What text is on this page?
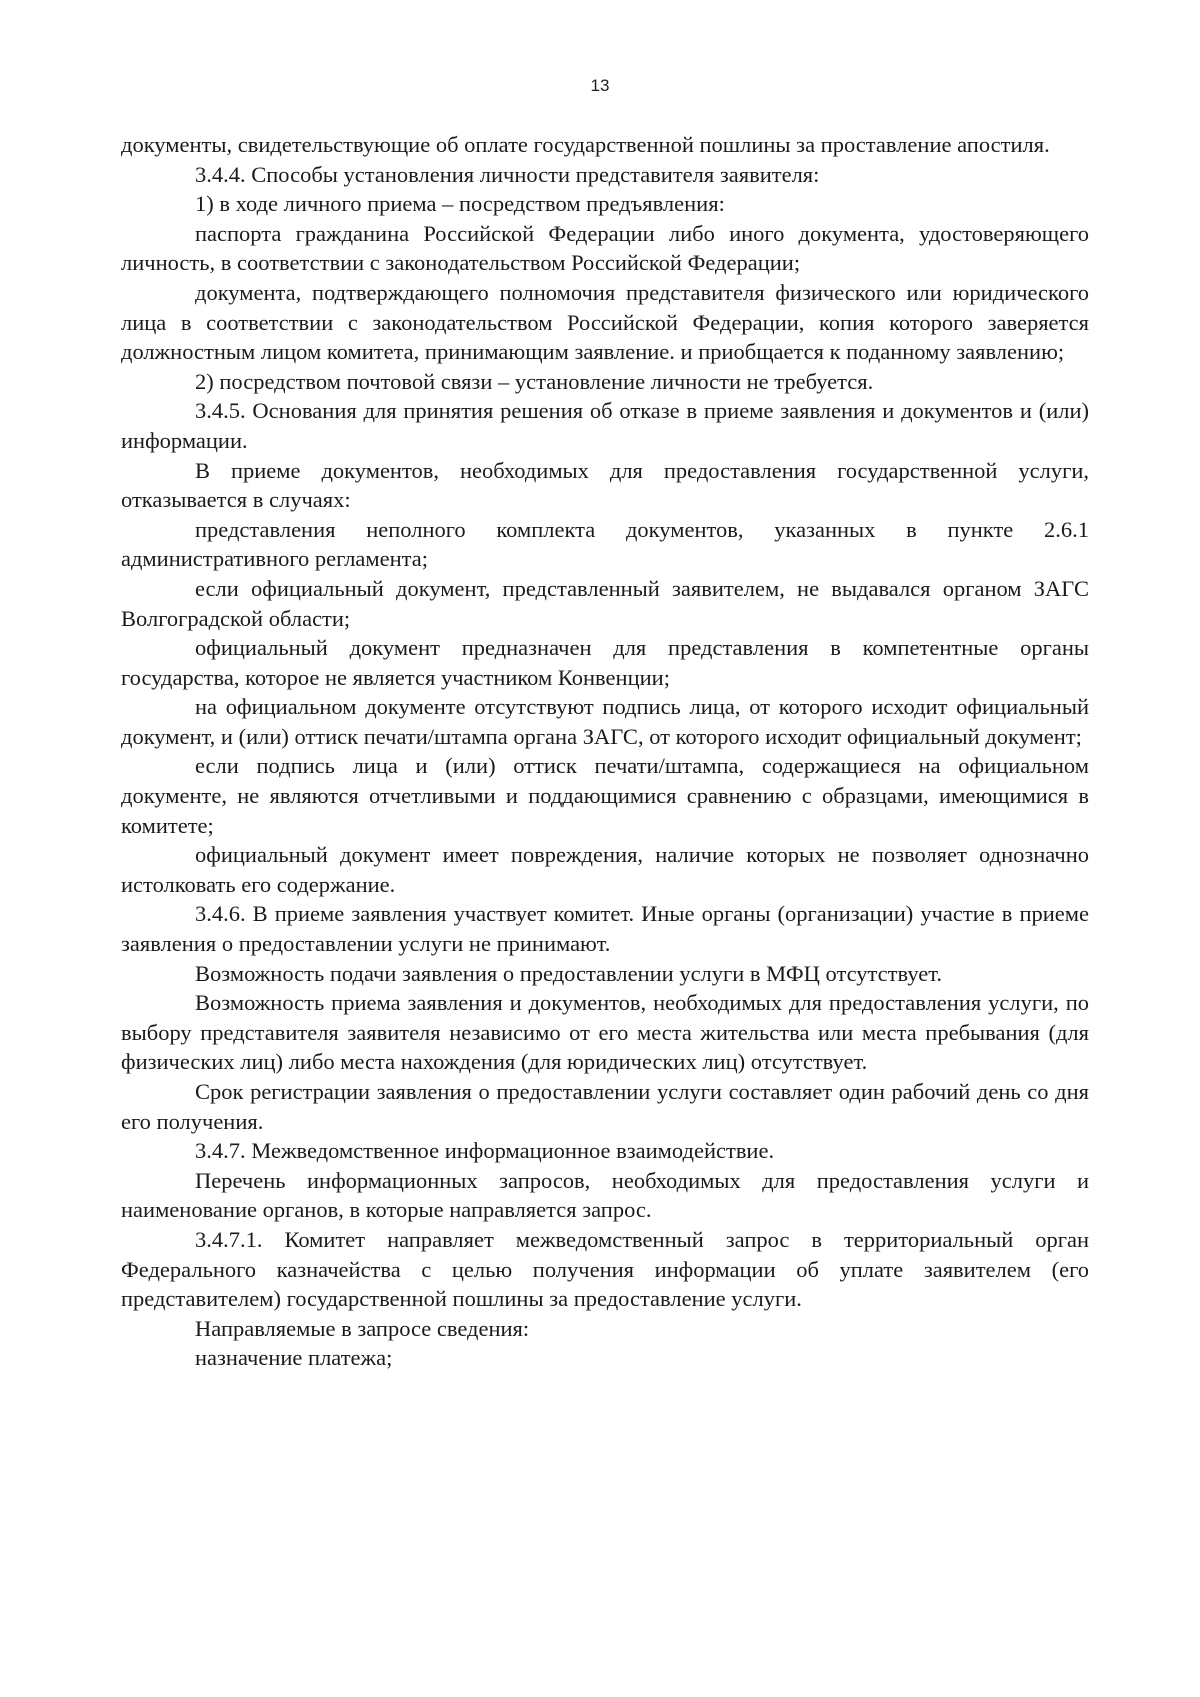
13

документы, свидетельствующие об оплате государственной пошлины за проставление апостиля.

3.4.4. Способы установления личности представителя заявителя:

1) в ходе личного приема – посредством предъявления:

паспорта гражданина Российской Федерации либо иного документа, удостоверяющего личность, в соответствии с законодательством Российской Федерации;

документа, подтверждающего полномочия представителя физического или юридического лица в соответствии с законодательством Российской Федерации, копия которого заверяется должностным лицом комитета, принимающим заявление. и приобщается к поданному заявлению;

2) посредством почтовой связи – установление личности не требуется.

3.4.5. Основания для принятия решения об отказе в приеме заявления и документов и (или) информации.

В приеме документов, необходимых для предоставления государственной услуги, отказывается в случаях:

представления неполного комплекта документов, указанных в пункте 2.6.1 административного регламента;

если официальный документ, представленный заявителем, не выдавался органом ЗАГС Волгоградской области;

официальный документ предназначен для представления в компетентные органы государства, которое не является участником Конвенции;

на официальном документе отсутствуют подпись лица, от которого исходит официальный документ, и (или) оттиск печати/штампа органа ЗАГС, от которого исходит официальный документ;

если подпись лица и (или) оттиск печати/штампа, содержащиеся на официальном документе, не являются отчетливыми и поддающимися сравнению с образцами, имеющимися в комитете;

официальный документ имеет повреждения, наличие которых не позволяет однозначно истолковать его содержание.

3.4.6. В приеме заявления участвует комитет. Иные органы (организации) участие в приеме заявления о предоставлении услуги не принимают.

Возможность подачи заявления о предоставлении услуги в МФЦ отсутствует.

Возможность приема заявления и документов, необходимых для предоставления услуги, по выбору представителя заявителя независимо от его места жительства или места пребывания (для физических лиц) либо места нахождения (для юридических лиц) отсутствует.

Срок регистрации заявления о предоставлении услуги составляет один рабочий день со дня его получения.

3.4.7. Межведомственное информационное взаимодействие.

Перечень информационных запросов, необходимых для предоставления услуги и наименование органов, в которые направляется запрос.

3.4.7.1. Комитет направляет межведомственный запрос в территориальный орган Федерального казначейства с целью получения информации об уплате заявителем (его представителем) государственной пошлины за предоставление услуги.

Направляемые в запросе сведения:

назначение платежа;
